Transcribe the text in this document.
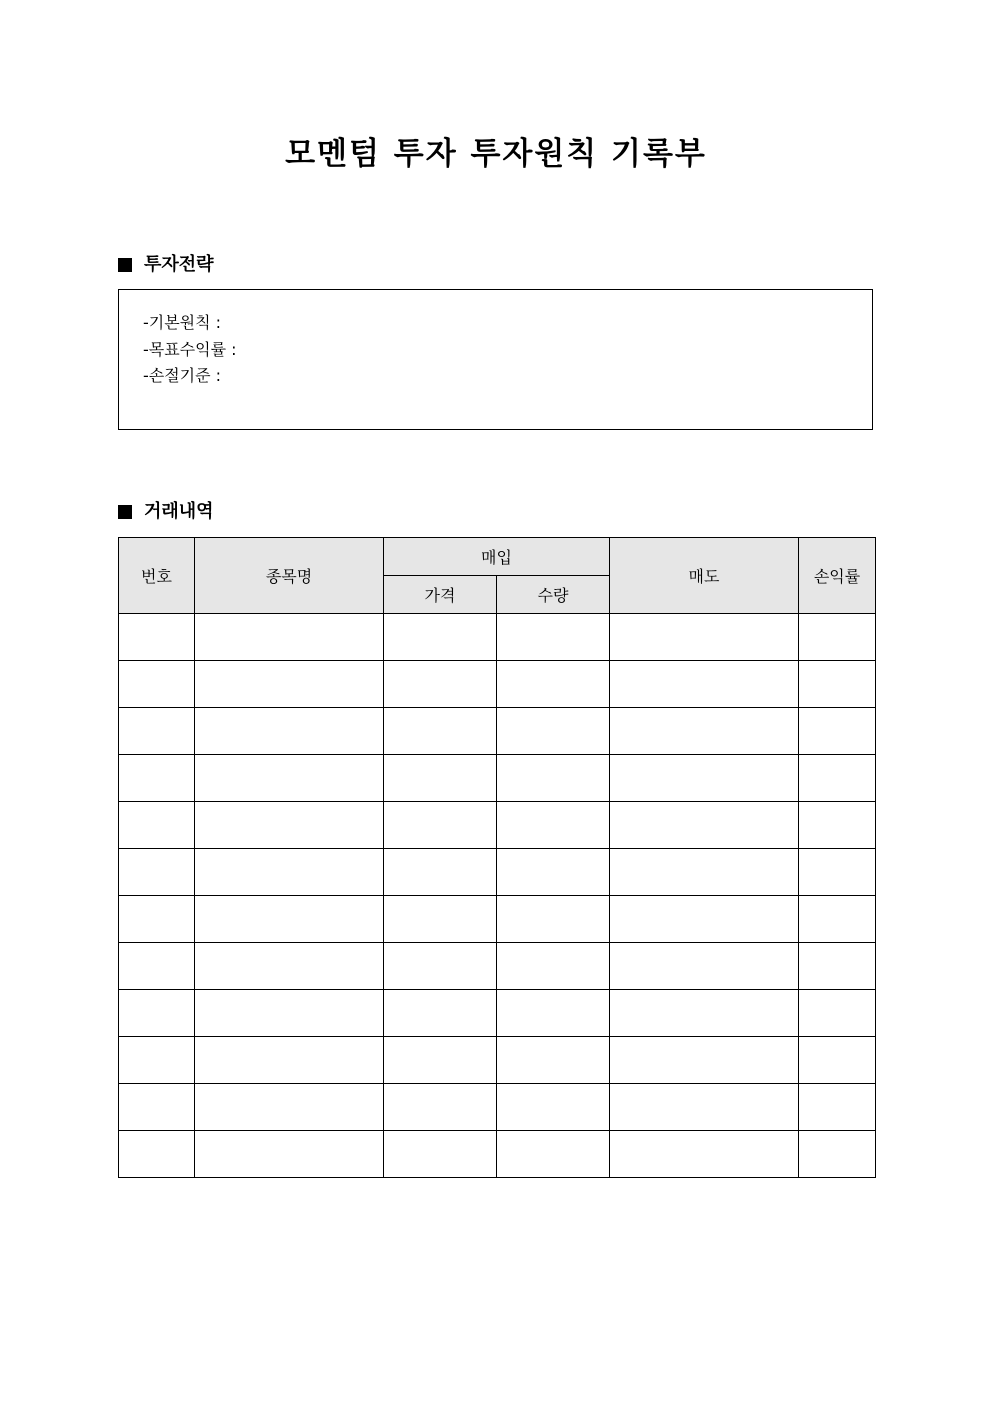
모멘텀 투자 투자원칙 기록부
투자전략
-기본원칙 :
-목표수익률 :
-손절기준 :
거래내역
번호	종목명	매입		매도	손익률
		가격	수량		
